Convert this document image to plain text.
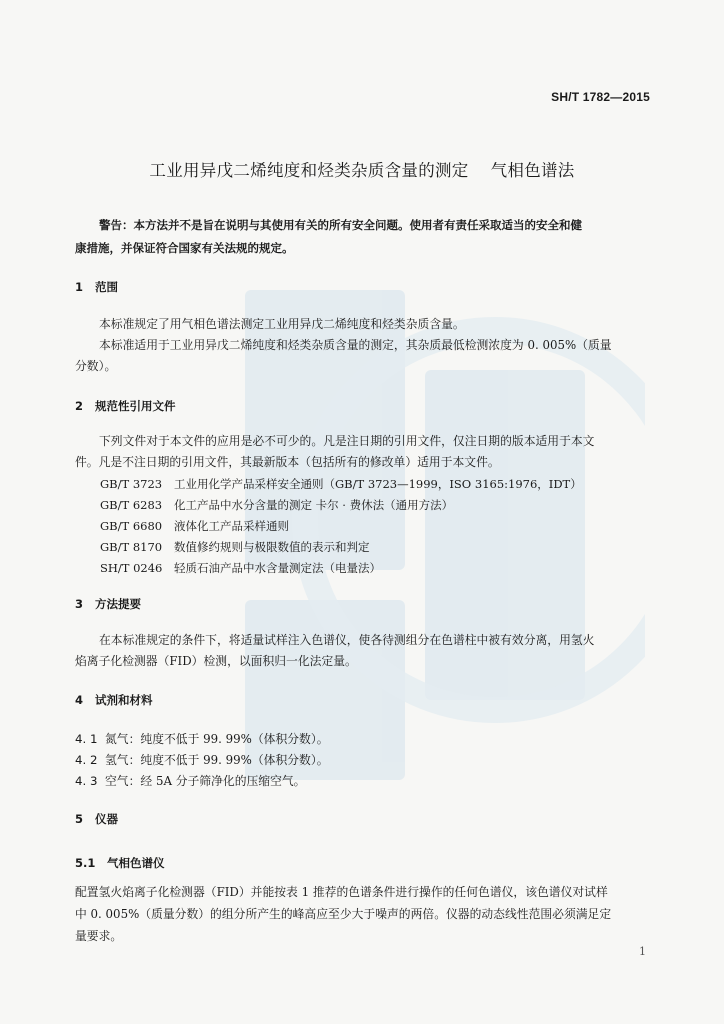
SH/T 1782—2015
工业用异戊二烯纯度和烃类杂质含量的测定 气相色谱法
警告：本方法并不是旨在说明与其使用有关的所有安全问题。使用者有责任采取适当的安全和健
康措施，并保证符合国家有关法规的规定。
1 范围
本标准规定了用气相色谱法测定工业用异戊二烯纯度和烃类杂质含量。
本标准适用于工业用异戊二烯纯度和烃类杂质含量的测定，其杂质最低检测浓度为 0. 005%（质量
分数）。
2 规范性引用文件
下列文件对于本文件的应用是必不可少的。凡是注日期的引用文件，仅注日期的版本适用于本文
件。凡是不注日期的引用文件，其最新版本（包括所有的修改单）适用于本文件。
GB/T 3723 工业用化学产品采样安全通则（GB/T 3723—1999，ISO 3165:1976，IDT）
GB/T 6283 化工产品中水分含量的测定 卡尔 · 费休法（通用方法）
GB/T 6680 液体化工产品采样通则
GB/T 8170 数值修约规则与极限数值的表示和判定
SH/T 0246 轻质石油产品中水含量测定法（电量法）
3 方法提要
在本标准规定的条件下，将适量试样注入色谱仪，使各待测组分在色谱柱中被有效分离，用氢火
焰离子化检测器（FID）检测，以面积归一化法定量。
4 试剂和材料
4. 1 氮气：纯度不低于 99. 99%（体积分数）。
4. 2 氢气：纯度不低于 99. 99%（体积分数）。
4. 3 空气：经 5A 分子筛净化的压缩空气。
5 仪器
5.1 气相色谱仪
配置氢火焰离子化检测器（FID）并能按表 1 推荐的色谱条件进行操作的任何色谱仪，该色谱仪对试样
中 0. 005%（质量分数）的组分所产生的峰高应至少大于噪声的两倍。仪器的动态线性范围必须满足定
量要求。
1
